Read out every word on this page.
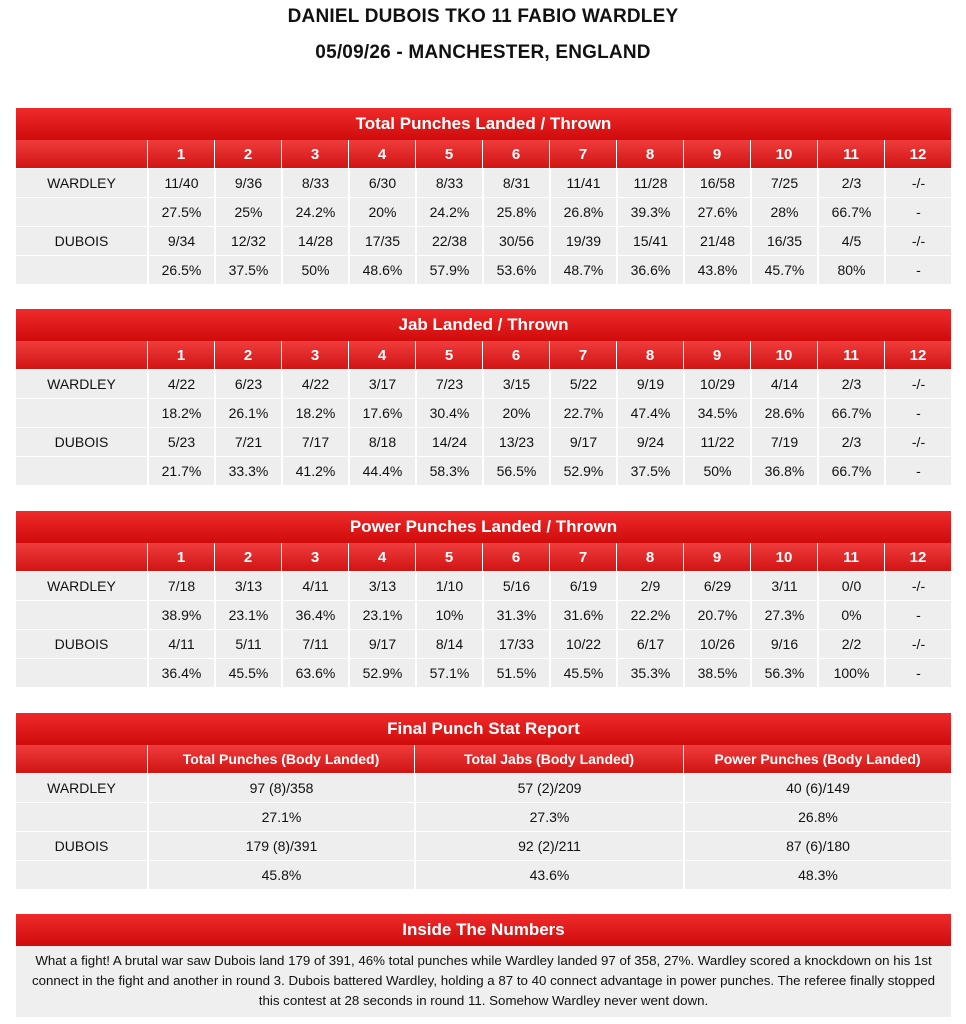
DANIEL DUBOIS TKO 11 FABIO WARDLEY
05/09/26 - MANCHESTER, ENGLAND
Total Punches Landed / Thrown
	1	2	3	4	5	6	7	8	9	10	11	12
WARDLEY	11/40	9/36	8/33	6/30	8/33	8/31	11/41	11/28	16/58	7/25	2/3	-/-
	27.5%	25%	24.2%	20%	24.2%	25.8%	26.8%	39.3%	27.6%	28%	66.7%	-
DUBOIS	9/34	12/32	14/28	17/35	22/38	30/56	19/39	15/41	21/48	16/35	4/5	-/-
	26.5%	37.5%	50%	48.6%	57.9%	53.6%	48.7%	36.6%	43.8%	45.7%	80%	-
Jab Landed / Thrown
	1	2	3	4	5	6	7	8	9	10	11	12
WARDLEY	4/22	6/23	4/22	3/17	7/23	3/15	5/22	9/19	10/29	4/14	2/3	-/-
	18.2%	26.1%	18.2%	17.6%	30.4%	20%	22.7%	47.4%	34.5%	28.6%	66.7%	-
DUBOIS	5/23	7/21	7/17	8/18	14/24	13/23	9/17	9/24	11/22	7/19	2/3	-/-
	21.7%	33.3%	41.2%	44.4%	58.3%	56.5%	52.9%	37.5%	50%	36.8%	66.7%	-
Power Punches Landed / Thrown
	1	2	3	4	5	6	7	8	9	10	11	12
WARDLEY	7/18	3/13	4/11	3/13	1/10	5/16	6/19	2/9	6/29	3/11	0/0	-/-
	38.9%	23.1%	36.4%	23.1%	10%	31.3%	31.6%	22.2%	20.7%	27.3%	0%	-
DUBOIS	4/11	5/11	7/11	9/17	8/14	17/33	10/22	6/17	10/26	9/16	2/2	-/-
	36.4%	45.5%	63.6%	52.9%	57.1%	51.5%	45.5%	35.3%	38.5%	56.3%	100%	-
Final Punch Stat Report
	Total Punches (Body Landed)	Total Jabs (Body Landed)	Power Punches (Body Landed)
WARDLEY	97 (8)/358	57 (2)/209	40 (6)/149
	27.1%	27.3%	26.8%
DUBOIS	179 (8)/391	92 (2)/211	87 (6)/180
	45.8%	43.6%	48.3%
Inside The Numbers
What a fight! A brutal war saw Dubois land 179 of 391, 46% total punches while Wardley landed 97 of 358, 27%. Wardley scored a knockdown on his 1st connect in the fight and another in round 3. Dubois battered Wardley, holding a 87 to 40 connect advantage in power punches. The referee finally stopped this contest at 28 seconds in round 11. Somehow Wardley never went down.
